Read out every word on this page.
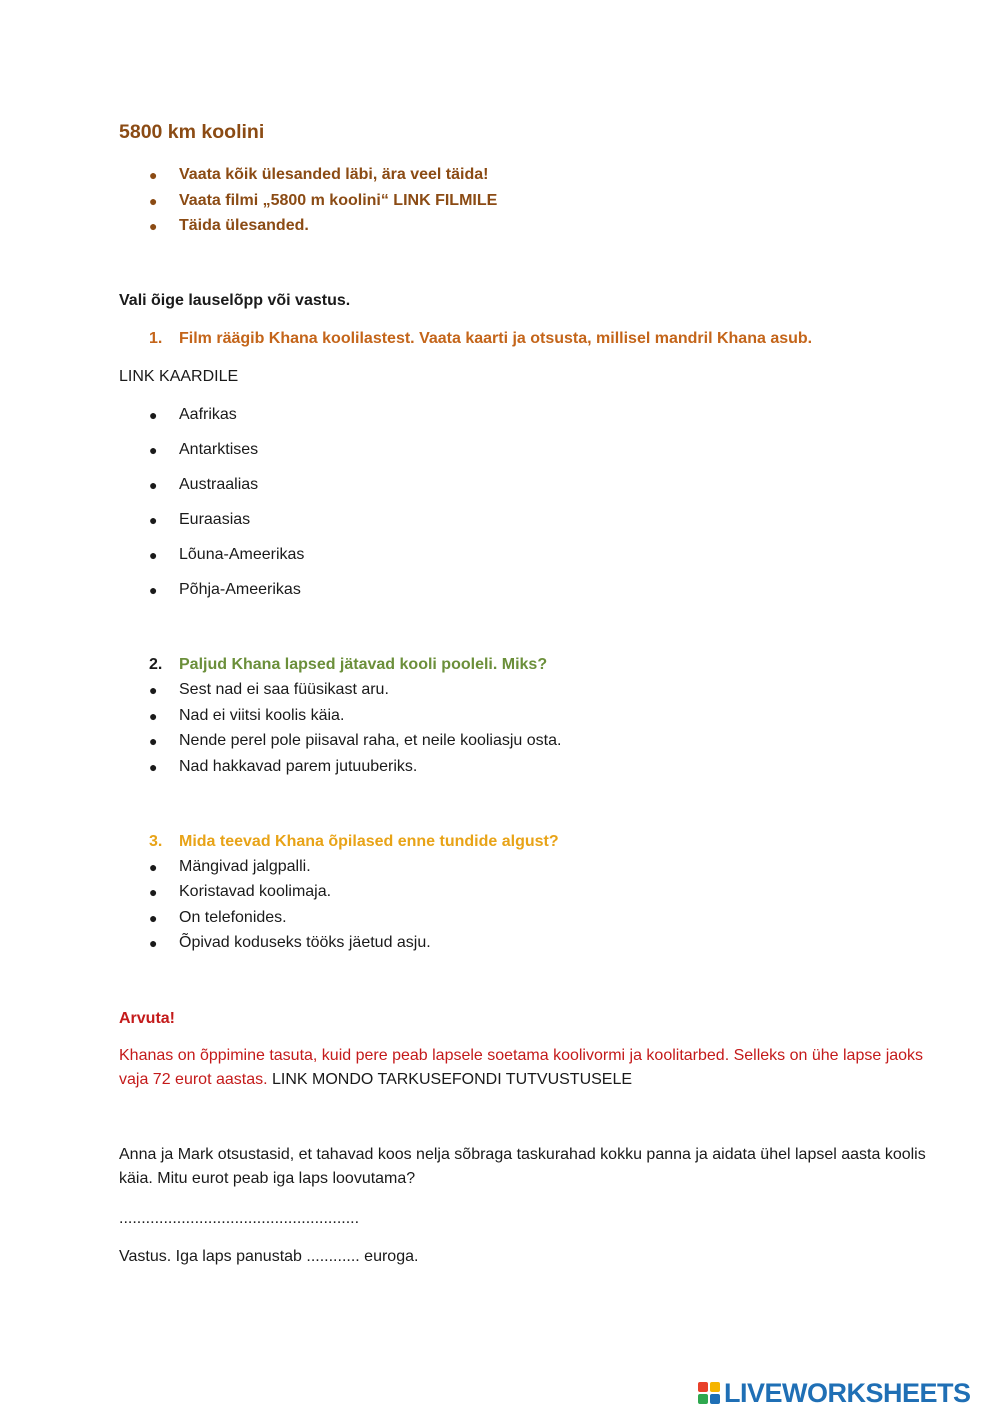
5800 km koolini
● Vaata kõik ülesanded läbi, ära veel täida!
● Vaata filmi „5800 m koolini“ LINK FILMILE
● Täida ülesanded.
Vali õige lauselõpp või vastus.
1. Film räägib Khana koolilastest. Vaata kaarti ja otsusta, millisel mandril Khana asub.
LINK KAARDILE
● Aafrikas
● Antarktises
● Austraalias
● Euraasias
● Lõuna-Ameerikas
● Põhja-Ameerikas
2. Paljud Khana lapsed jätavad kooli pooleli. Miks?
● Sest nad ei saa füüsikast aru.
● Nad ei viitsi koolis käia.
● Nende perel pole piisaval raha, et neile kooliasju osta.
● Nad hakkavad parem jutuuberiks.
3. Mida teevad Khana õpilased enne tundide algust?
● Mängivad jalgpalli.
● Koristavad koolimaja.
● On telefonides.
● Õpivad koduseks tööks jäetud asju.
Arvuta!
Khanas on õppimine tasuta, kuid pere peab lapsele soetama koolivormi ja koolitarbed. Selleks on ühe lapse jaoks vaja 72 eurot aastas. LINK MONDO TARKUSEFONDI TUTVUSTUSELE
Anna ja Mark otsustasid, et tahavad koos nelja sõbraga taskurahad kokku panna ja aidata ühel lapsel aasta koolis käia. Mitu eurot peab iga laps loovutama?
......................................................
Vastus. Iga laps panustab ............ euroga.
LIVEWORKSHEETS
